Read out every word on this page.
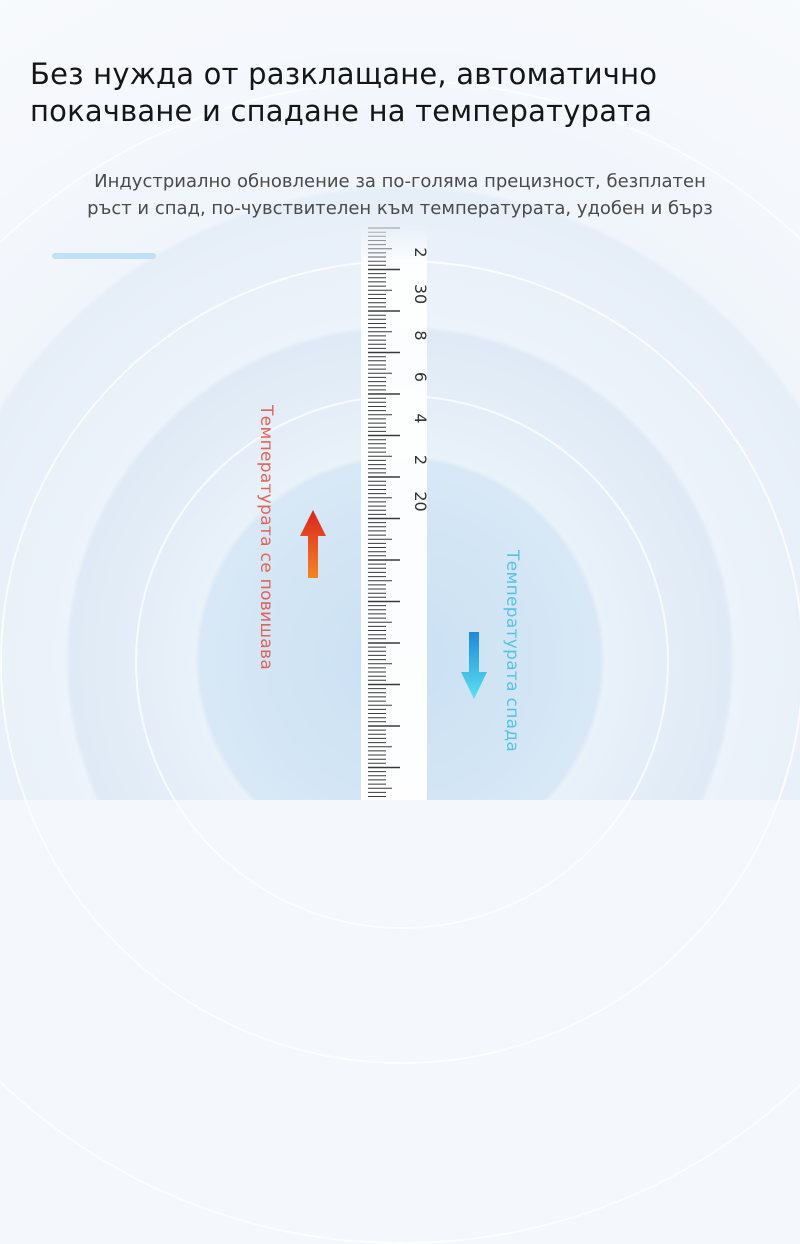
Без нужда от разклащане, автоматично
покачване и спадане на температурата
Индустриално обновление за по-голяма прецизност, безплатен
ръст и спад, по-чувствителен към температурата, удобен и бърз
2
30
8
6
4
2
20
Температурата се повишава	Температурата спада
